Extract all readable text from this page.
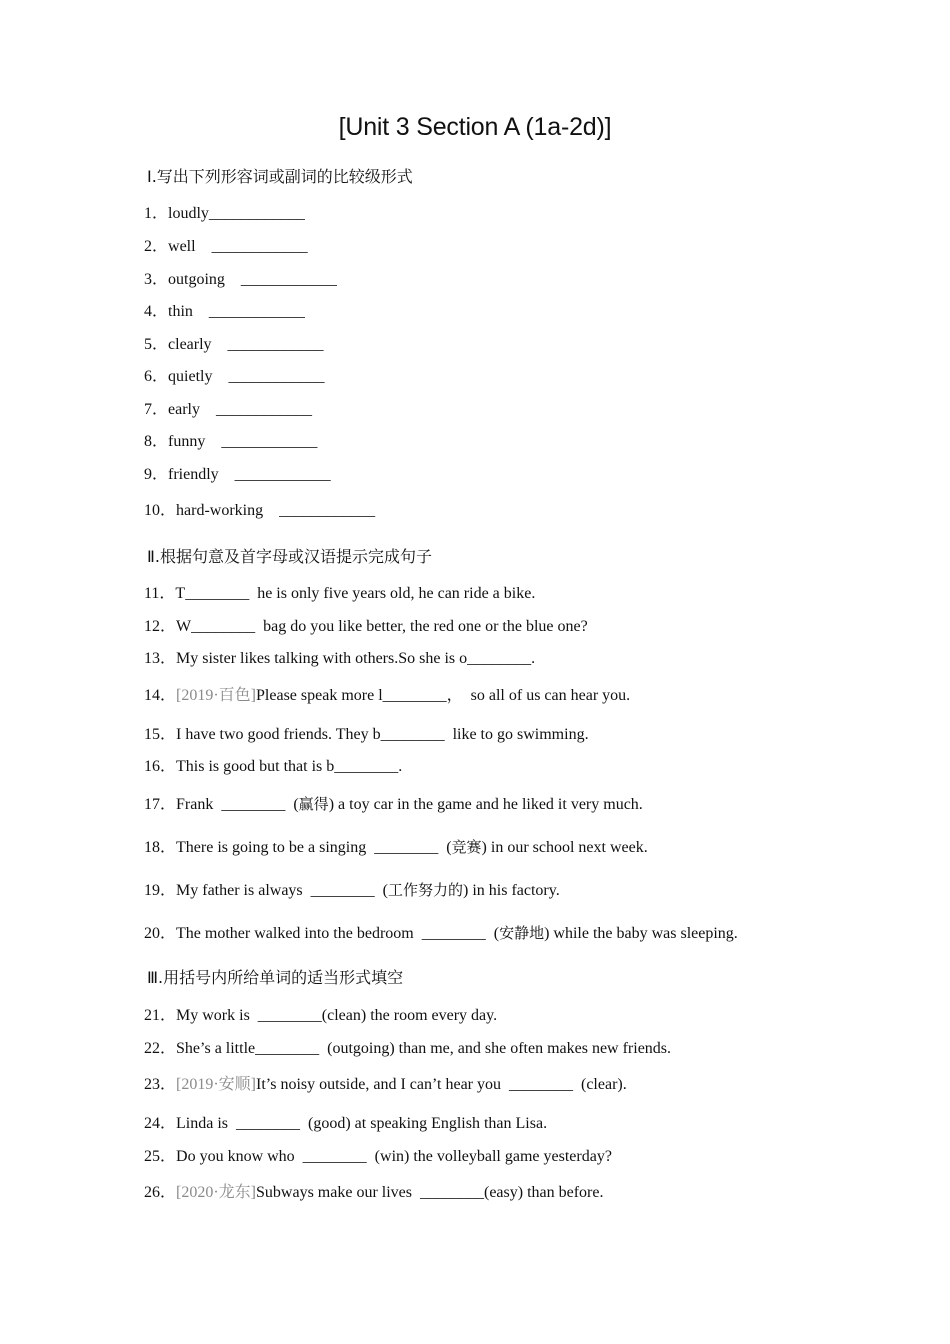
[Unit 3 Section A (1a-2d)]
Ⅰ.写出下列形容词或副词的比较级形式
1．loudly____________
2．well    ____________
3．outgoing    ____________
4．thin    ____________
5．clearly    ____________
6．quietly    ____________
7．early    ____________
8．funny    ____________
9．friendly    ____________
10．hard-working    ____________
Ⅱ.根据句意及首字母或汉语提示完成句子
11．T________  he is only five years old, he can ride a bike.
12．W________  bag do you like better, the red one or the blue one?
13．My sister likes talking with others.So she is o________.
14．[2019·百色]Please speak more l________，  so all of us can hear you.
15．I have two good friends. They b________  like to go swimming.
16．This is good but that is b________.
17．Frank  ________  (赢得) a toy car in the game and he liked it very much.
18．There is going to be a singing  ________  (竞赛) in our school next week.
19．My father is always  ________  (工作努力的) in his factory.
20．The mother walked into the bedroom  ________  (安静地) while the baby was sleeping.
Ⅲ.用括号内所给单词的适当形式填空
21．My work is  ________(clean) the room every day.
22．She’s a little________  (outgoing) than me, and she often makes new friends.
23．[2019·安顺]It’s noisy outside, and I can’t hear you  ________  (clear).
24．Linda is  ________  (good) at speaking English than Lisa.
25．Do you know who  ________  (win) the volleyball game yesterday?
26．[2020·龙东]Subways make our lives  ________(easy) than before.
